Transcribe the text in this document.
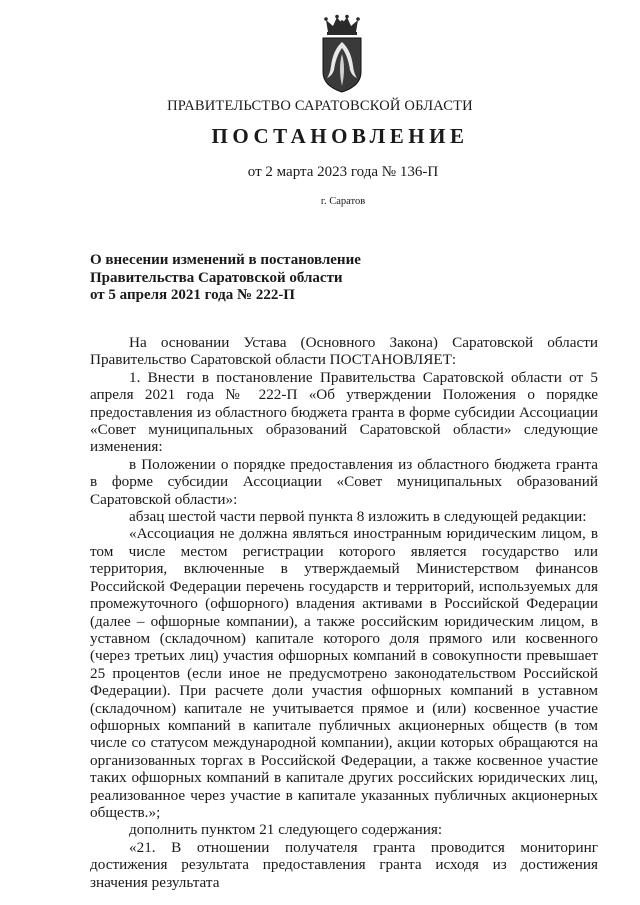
ПРАВИТЕЛЬСТВО САРАТОВСКОЙ ОБЛАСТИ
ПОСТАНОВЛЕНИЕ
от 2 марта 2023 года № 136-П
г. Саратов
О внесении изменений в постановление
Правительства Саратовской области
от 5 апреля 2021 года № 222-П

На основании Устава (Основного Закона) Саратовской области Правительство Саратовской области ПОСТАНОВЛЯЕТ:

1. Внести в постановление Правительства Саратовской области от 5 апреля 2021 года № 222-П «Об утверждении Положения о порядке предоставления из областного бюджета гранта в форме субсидии Ассоциации «Совет муниципальных образований Саратовской области» следующие изменения:

в Положении о порядке предоставления из областного бюджета гранта в форме субсидии Ассоциации «Совет муниципальных образований Саратовской области»:

абзац шестой части первой пункта 8 изложить в следующей редакции:

«Ассоциация не должна являться иностранным юридическим лицом, в том числе местом регистрации которого является государство или территория, включенные в утверждаемый Министерством финансов Российской Федерации перечень государств и территорий, используемых для промежуточного (офшорного) владения активами в Российской Федерации (далее – офшорные компании), а также российским юридическим лицом, в уставном (складочном) капитале которого доля прямого или косвенного (через третьих лиц) участия офшорных компаний в совокупности превышает 25 процентов (если иное не предусмотрено законодательством Российской Федерации). При расчете доли участия офшорных компаний в уставном (складочном) капитале не учитывается прямое и (или) косвенное участие офшорных компаний в капитале публичных акционерных обществ (в том числе со статусом международной компании), акции которых обращаются на организованных торгах в Российской Федерации, а также косвенное участие таких офшорных компаний в капитале других российских юридических лиц, реализованное через участие в капитале указанных публичных акционерных обществ.»;

дополнить пунктом 21 следующего содержания:

«21. В отношении получателя гранта проводится мониторинг достижения результата предоставления гранта исходя из достижения значения результата
